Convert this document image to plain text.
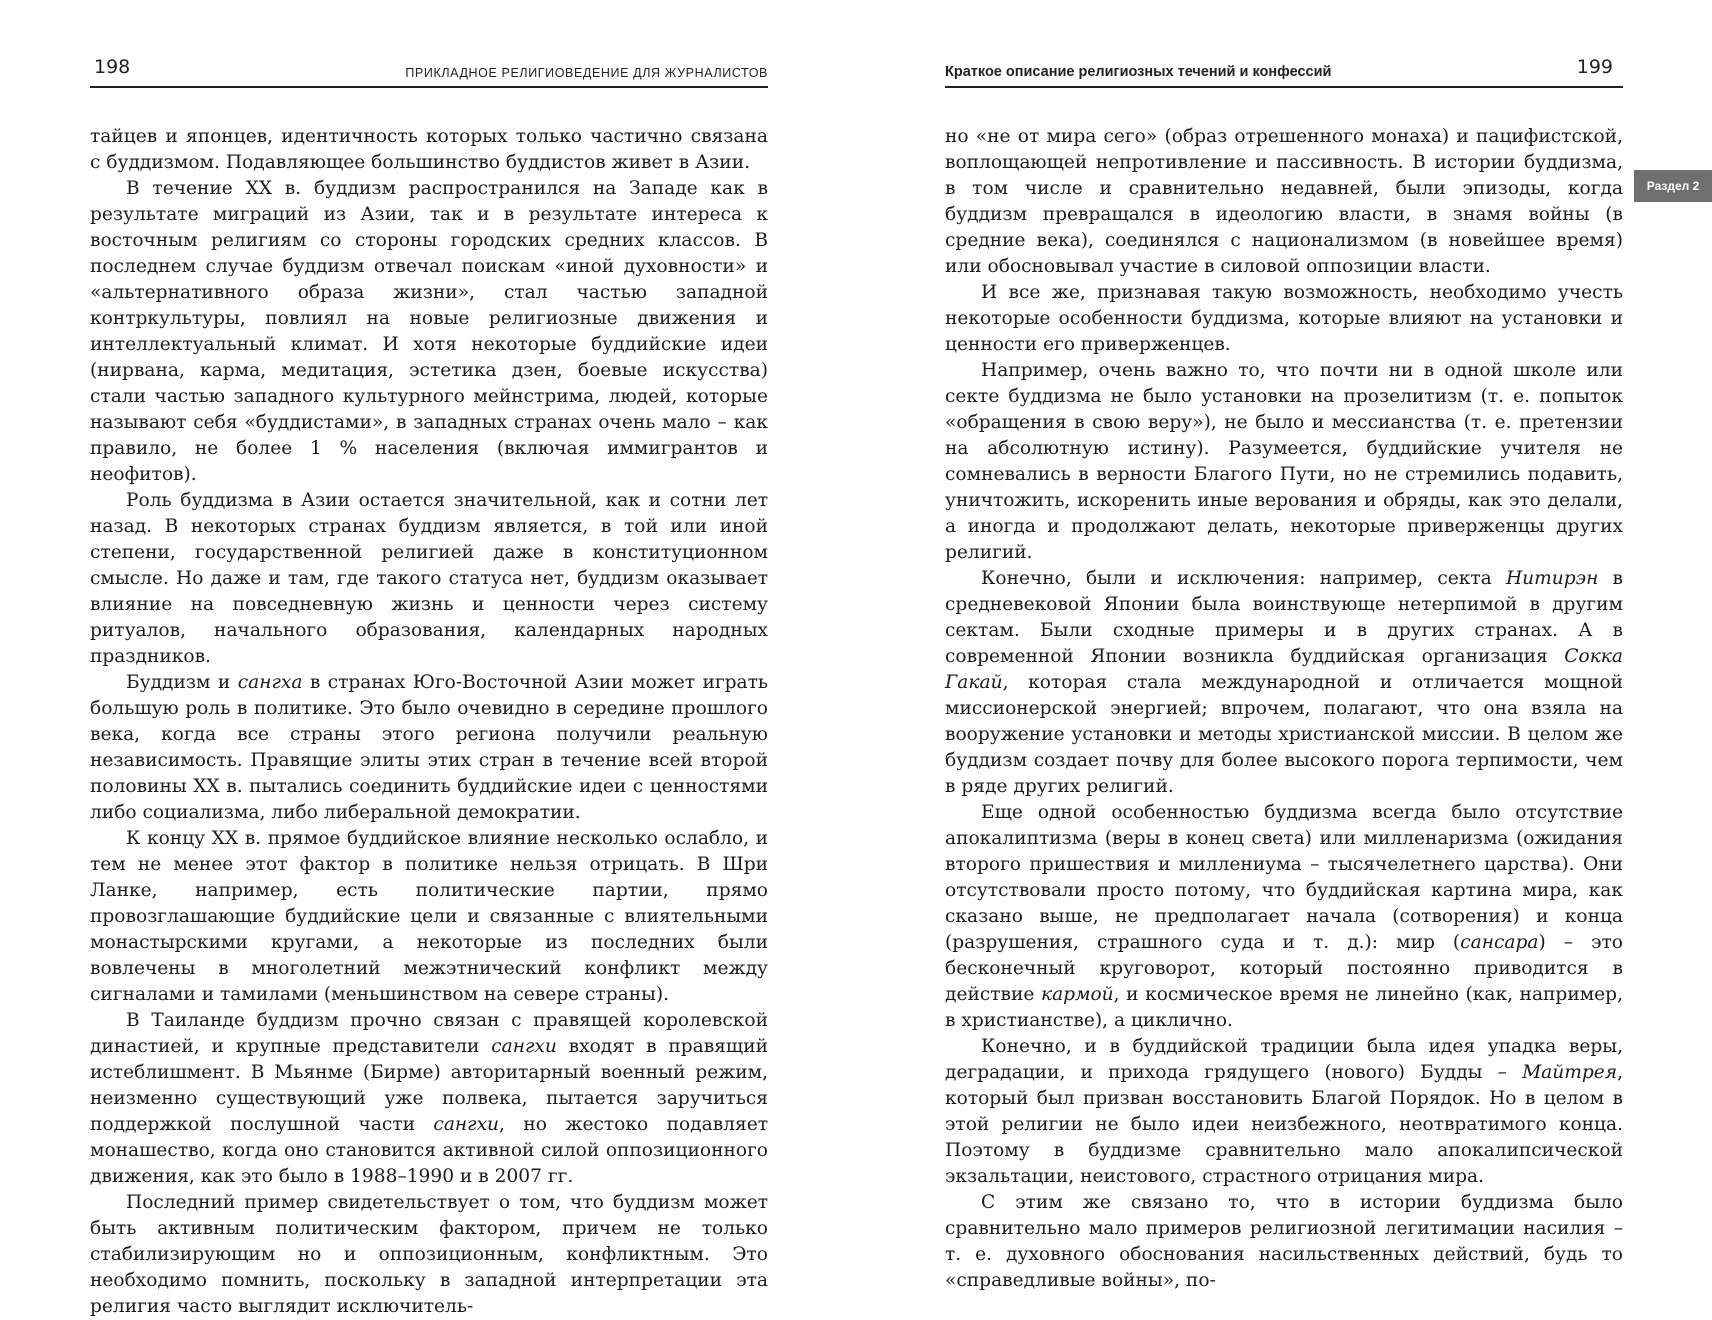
198	ПРИКЛАДНОЕ РЕЛИГИОВЕДЕНИЕ ДЛЯ ЖУРНАЛИСТОВ

тайцев и японцев, идентичность которых только частично связана с буддизмом. Подавляющее большинство буддистов живет в Азии.

В течение XX в. буддизм распространился на Западе как в результате миграций из Азии, так и в результате интереса к восточным религиям со стороны городских средних классов. В последнем случае буддизм отвечал поискам «иной духовности» и «альтернативного образа жизни», стал частью западной контркультуры, повлиял на новые религиозные движения и интеллектуальный климат. И хотя некоторые буддийские идеи (нирвана, карма, медитация, эстетика дзен, боевые искусства) стали частью западного культурного мейнстрима, людей, которые называют себя «буддистами», в западных странах очень мало – как правило, не более 1 % населения (включая иммигрантов и неофитов).

Роль буддизма в Азии остается значительной, как и сотни лет назад. В некоторых странах буддизм является, в той или иной степени, государственной религией даже в конституционном смысле. Но даже и там, где такого статуса нет, буддизм оказывает влияние на повседневную жизнь и ценности через систему ритуалов, начального образования, календарных народных праздников.

Буддизм и сангха в странах Юго-Восточной Азии может играть большую роль в политике. Это было очевидно в середине прошлого века, когда все страны этого региона получили реальную независимость. Правящие элиты этих стран в течение всей второй половины XX в. пытались соединить буддийские идеи с ценностями либо социализма, либо либеральной демократии.

К концу XX в. прямое буддийское влияние несколько ослабло, и тем не менее этот фактор в политике нельзя отрицать. В Шри Ланке, например, есть политические партии, прямо провозглашающие буддийские цели и связанные с влиятельными монастырскими кругами, а некоторые из последних были вовлечены в многолетний межэтнический конфликт между сигналами и тамилами (меньшинством на севере страны).

В Таиланде буддизм прочно связан с правящей королевской династией, и крупные представители сангхи входят в правящий истеблишмент. В Мьянме (Бирме) авторитарный военный режим, неизменно существующий уже полвека, пытается заручиться поддержкой послушной части сангхи, но жестоко подавляет монашество, когда оно становится активной силой оппозиционного движения, как это было в 1988–1990 и в 2007 гг.

Последний пример свидетельствует о том, что буддизм может быть активным политическим фактором, причем не только стабилизирующим но и оппозиционным, конфликтным. Это необходимо помнить, поскольку в западной интерпретации эта религия часто выглядит исключитель-

Краткое описание религиозных течений и конфессий	199

но «не от мира сего» (образ отрешенного монаха) и пацифистской, воплощающей непротивление и пассивность. В истории буддизма, в том числе и сравнительно недавней, были эпизоды, когда буддизм превращался в идеологию власти, в знамя войны (в средние века), соединялся с национализмом (в новейшее время) или обосновывал участие в силовой оппозиции власти.

И все же, признавая такую возможность, необходимо учесть некоторые особенности буддизма, которые влияют на установки и ценности его приверженцев.

Например, очень важно то, что почти ни в одной школе или секте буддизма не было установки на прозелитизм (т. е. попыток «обращения в свою веру»), не было и мессианства (т. е. претензии на абсолютную истину). Разумеется, буддийские учителя не сомневались в верности Благого Пути, но не стремились подавить, уничтожить, искоренить иные верования и обряды, как это делали, а иногда и продолжают делать, некоторые приверженцы других религий.

Конечно, были и исключения: например, секта Нитирэн в средневековой Японии была воинствующе нетерпимой в другим сектам. Были сходные примеры и в других странах. А в современной Японии возникла буддийская организация Сокка Гакай, которая стала международной и отличается мощной миссионерской энергией; впрочем, полагают, что она взяла на вооружение установки и методы христианской миссии. В целом же буддизм создает почву для более высокого порога терпимости, чем в ряде других религий.

Еще одной особенностью буддизма всегда было отсутствие апокалиптизма (веры в конец света) или милленаризма (ожидания второго пришествия и миллениума – тысячелетнего царства). Они отсутствовали просто потому, что буддийская картина мира, как сказано выше, не предполагает начала (сотворения) и конца (разрушения, страшного суда и т. д.): мир (сансара) – это бесконечный круговорот, который постоянно приводится в действие кармой, и космическое время не линейно (как, например, в христианстве), а циклично.

Конечно, и в буддийской традиции была идея упадка веры, деградации, и прихода грядущего (нового) Будды – Майтрея, который был призван восстановить Благой Порядок. Но в целом в этой религии не было идеи неизбежного, неотвратимого конца. Поэтому в буддизме сравнительно мало апокалипсической экзальтации, неистового, страстного отрицания мира.

С этим же связано то, что в истории буддизма было сравнительно мало примеров религиозной легитимации насилия – т. е. духовного обоснования насильственных действий, будь то «справедливые войны», по-

Раздел 2
